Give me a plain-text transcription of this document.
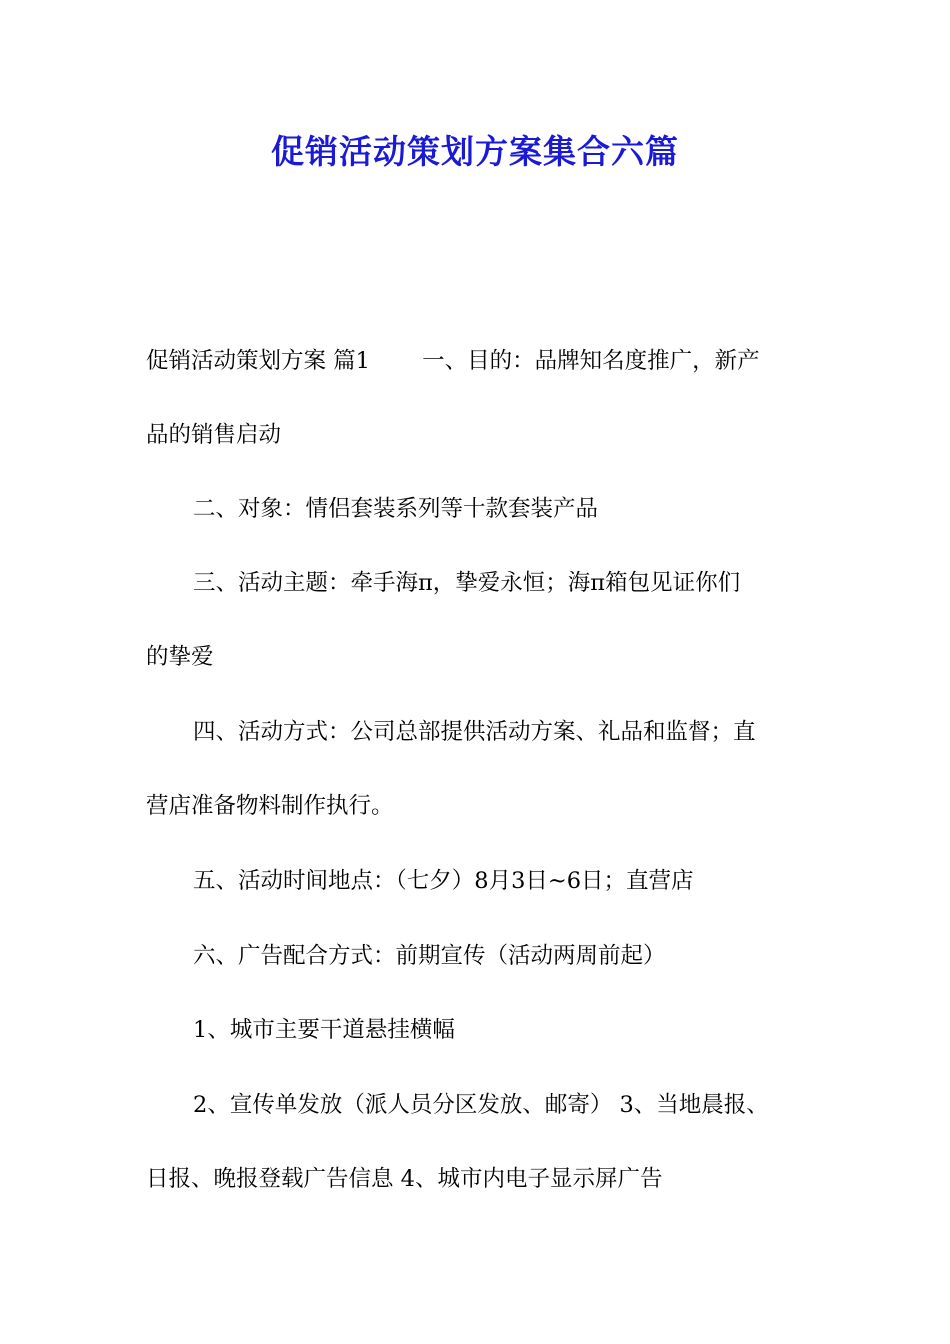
促销活动策划方案集合六篇
促销活动策划方案 篇1　　 一、目的：品牌知名度推广，新产
品的销售启动
二、对象：情侣套装系列等十款套装产品
三、活动主题：牵手海π，挚爱永恒；海π箱包见证你们
的挚爱
四、活动方式：公司总部提供活动方案、礼品和监督；直
营店准备物料制作执行。
五、活动时间地点：（七夕）8月3日~6日；直营店
六、广告配合方式：前期宣传（活动两周前起）
1、城市主要干道悬挂横幅
2、宣传单发放（派人员分区发放、邮寄） 3、当地晨报、
日报、晚报登载广告信息 4、城市内电子显示屏广告
